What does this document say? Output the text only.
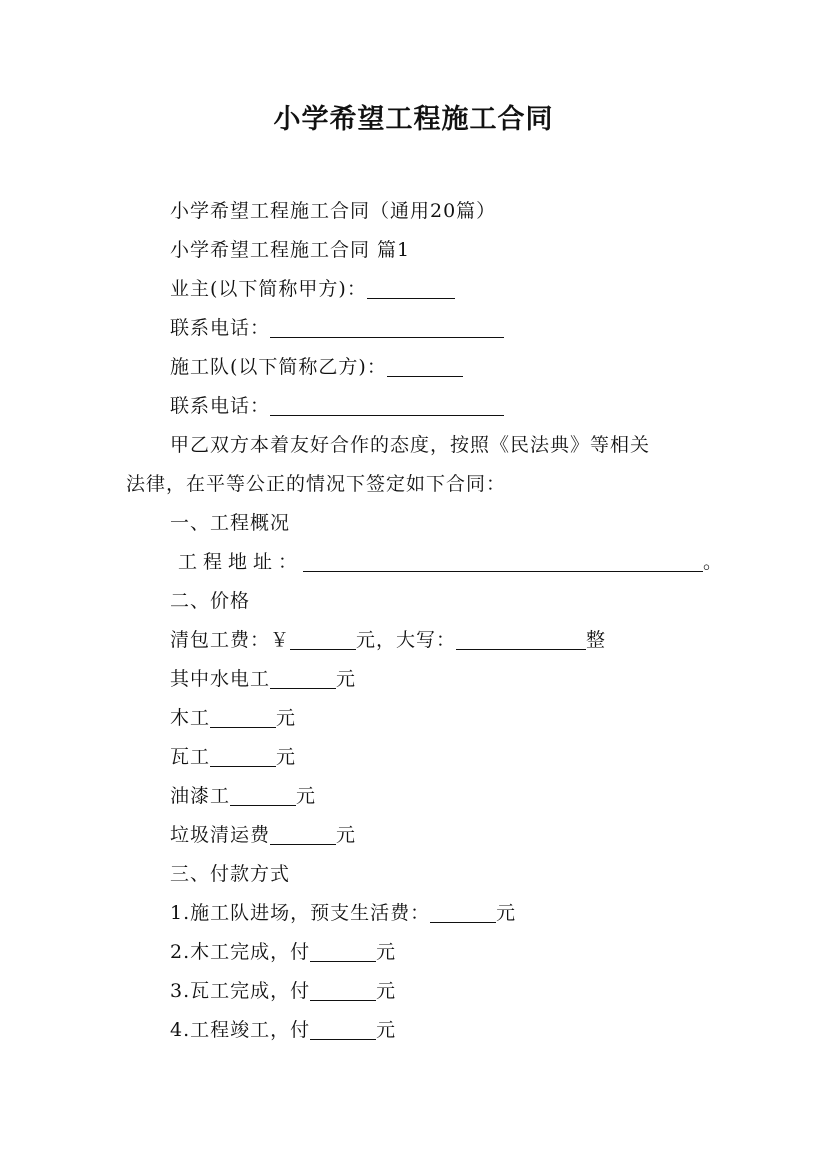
小学希望工程施工合同
小学希望工程施工合同（通用20篇）
小学希望工程施工合同 篇1
业主(以下简称甲方)：
联系电话：
施工队(以下简称乙方)：
联系电话：
甲乙双方本着友好合作的态度，按照《民法典》等相关
法律，在平等公正的情况下签定如下合同：
一、工程概况
工程地址：	。
二、价格
清包工费：￥	元，大写：	整
其中水电工	元
木工	元
瓦工	元
油漆工	元
垃圾清运费	元
三、付款方式
1.施工队进场，预支生活费：	元
2.木工完成，付	元
3.瓦工完成，付	元
4.工程竣工，付	元
